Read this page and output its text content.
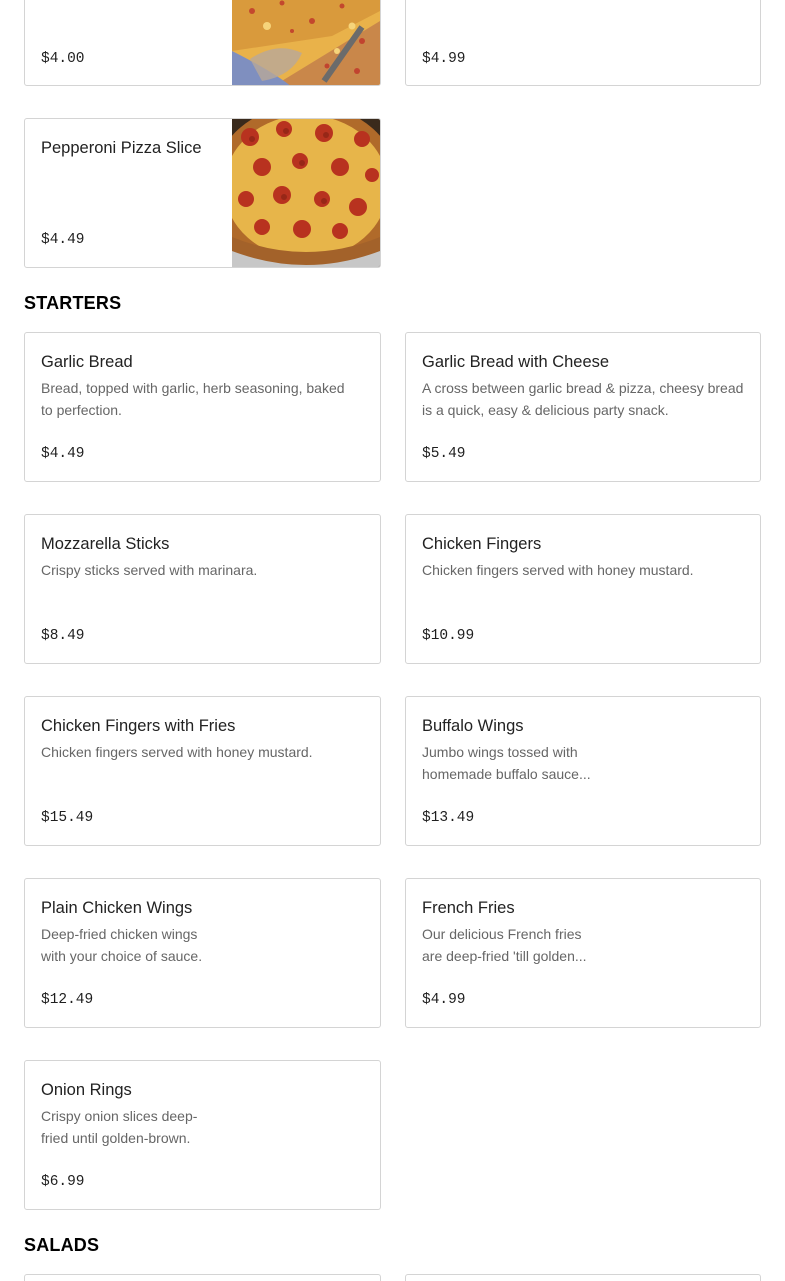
$4.00	$4.99
Pepperoni Pizza Slice
$4.49
STARTERS
Garlic Bread
Bread, topped with garlic, herb seasoning, baked
to perfection.
$4.49
Garlic Bread with Cheese
A cross between garlic bread & pizza, cheesy bread
is a quick, easy & delicious party snack.
$5.49
Mozzarella Sticks
Crispy sticks served with marinara.
$8.49
Chicken Fingers
Chicken fingers served with honey mustard.
$10.99
Chicken Fingers with Fries
Chicken fingers served with honey mustard.
$15.49
Buffalo Wings
Jumbo wings tossed with
homemade buffalo sauce...
$13.49
Plain Chicken Wings
Deep-fried chicken wings
with your choice of sauce.
$12.49
French Fries
Our delicious French fries
are deep-fried 'till golden...
$4.99
Onion Rings
Crispy onion slices deep-
fried until golden-brown.
$6.99
SALADS
